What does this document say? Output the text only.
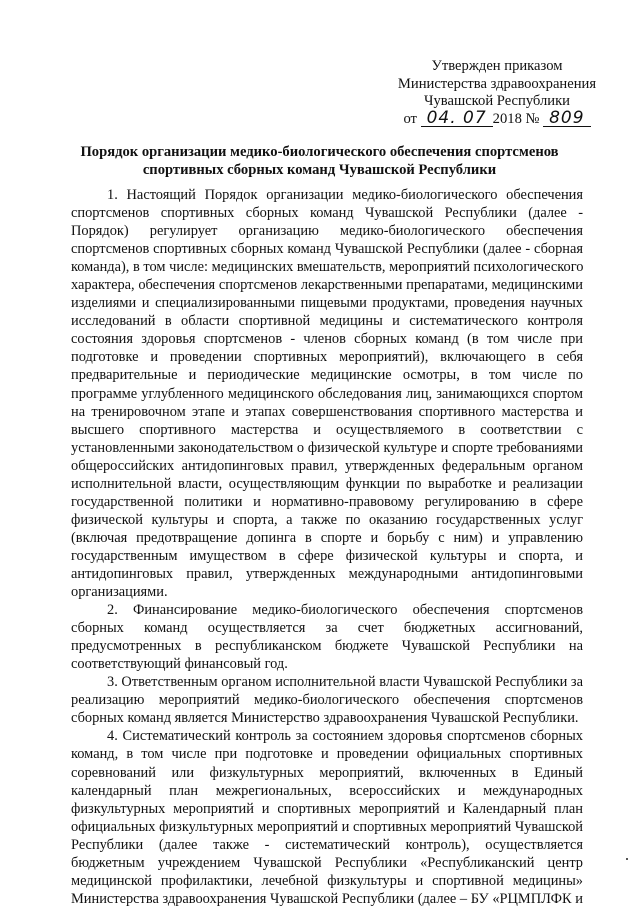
Утвержден приказом
Министерства здравоохранения
Чувашской Республики
от 04. 07 2018 № 809
Порядок организации медико-биологического обеспечения спортсменов
спортивных сборных команд Чувашской Республики
1. Настоящий Порядок организации медико-биологического обеспечения
спортсменов спортивных сборных команд Чувашской Республики (далее -
Порядок) регулирует организацию медико-биологического обеспечения
спортсменов спортивных сборных команд Чувашской Республики (далее - сборная
команда), в том числе: медицинских вмешательств, мероприятий психологического
характера, обеспечения спортсменов лекарственными препаратами, медицинскими
изделиями и специализированными пищевыми продуктами, проведения научных
исследований в области спортивной медицины и систематического контроля
состояния здоровья спортсменов - членов сборных команд (в том числе при
подготовке и проведении спортивных мероприятий), включающего в себя
предварительные и периодические медицинские осмотры, в том числе по
программе углубленного медицинского обследования лиц, занимающихся спортом
на тренировочном этапе и этапах совершенствования спортивного мастерства и
высшего спортивного мастерства и осуществляемого в соответствии с
установленными законодательством о физической культуре и спорте требованиями
общероссийских антидопинговых правил, утвержденных федеральным органом
исполнительной власти, осуществляющим функции по выработке и реализации
государственной политики и нормативно-правовому регулированию в сфере
физической культуры и спорта, а также по оказанию государственных услуг
(включая предотвращение допинга в спорте и борьбу с ним) и управлению
государственным имуществом в сфере физической культуры и спорта, и
антидопинговых правил, утвержденных международными антидопинговыми
организациями.
2. Финансирование медико-биологического обеспечения спортсменов
сборных команд осуществляется за счет бюджетных ассигнований,
предусмотренных в республиканском бюджете Чувашской Республики на
соответствующий финансовый год.
3. Ответственным органом исполнительной власти Чувашской Республики за
реализацию мероприятий медико-биологического обеспечения спортсменов
сборных команд является Министерство здравоохранения Чувашской Республики.
4. Систематический контроль за состоянием здоровья спортсменов сборных
команд, в том числе при подготовке и проведении официальных спортивных
соревнований или физкультурных мероприятий, включенных в Единый
календарный план межрегиональных, всероссийских и международных
физкультурных мероприятий и спортивных мероприятий и Календарный план
официальных физкультурных мероприятий и спортивных мероприятий Чувашской
Республики (далее также - систематический контроль), осуществляется
бюджетным учреждением Чувашской Республики «Республиканский центр
медицинской профилактики, лечебной физкультуры и спортивной медицины»
Министерства здравоохранения Чувашской Республики (далее – БУ «РЦМПЛФК и
